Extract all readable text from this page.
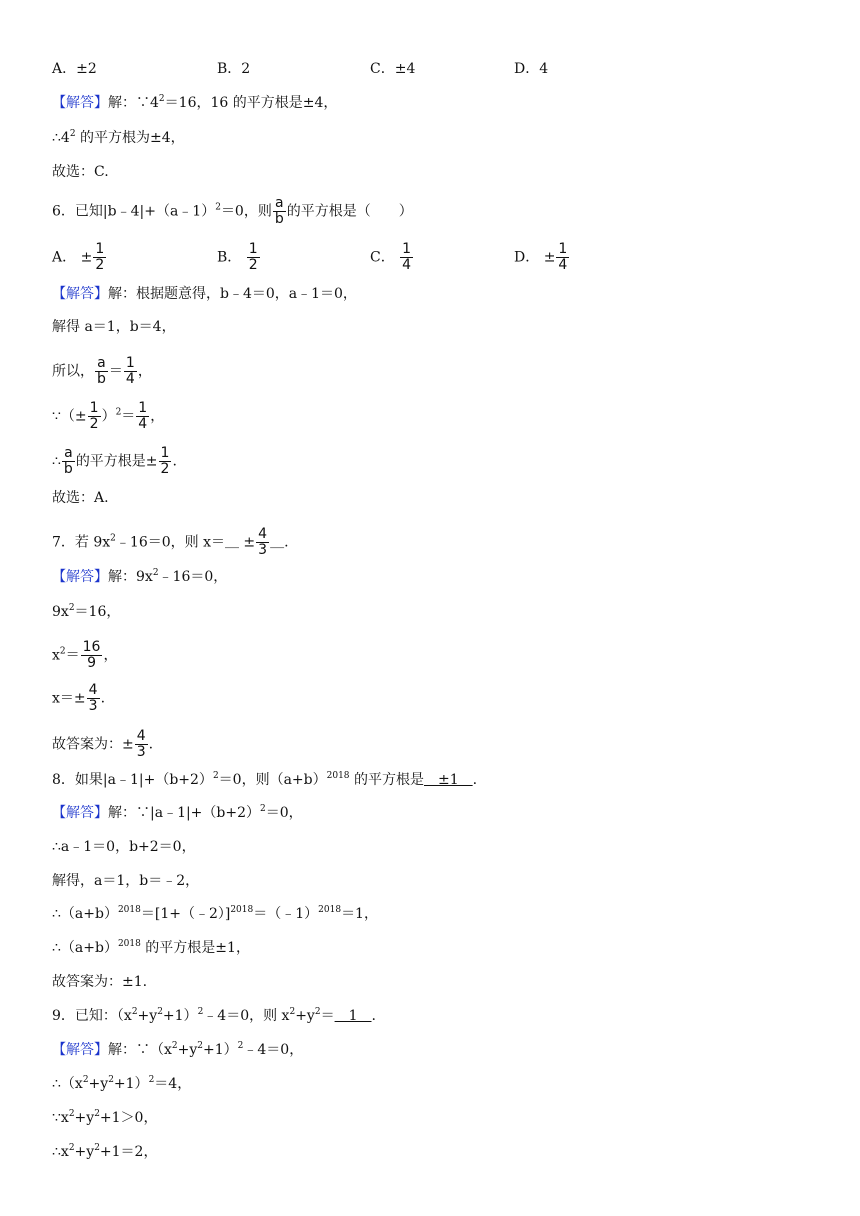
A．±2	B．2	C．±4	D．4
【解答】解：$\because 4^2=16$，16 的平方根是±4，
$\therefore 4^2$ 的平方根为±4，
故选：C.
6．已知|b﹣4|+（a﹣1）$^2$＝0，则 $\frac{a}{b}$ 的平方根是（　　）
A． ± $\frac{1}{2}$	B． $\frac{1}{2}$	C． $\frac{1}{4}$	D． ± $\frac{1}{4}$
【解答】解：根据题意得，b﹣4＝0，a﹣1＝0，
解得 a＝1，b＝4，
所以， $\frac{a}{b} = \frac{1}{4}$ ，
∵（± $\frac{1}{2} )^2= \frac{1}{4}$ ，
∴ $\frac{a}{b}$ 的平方根是± $\frac{1}{2}$ .
故选：A.
7．若 $9x^2﹣16=0$，则 x＝＿ ± $\frac{4}{3}$ ＿.
【解答】解：$9x^2﹣16=0$，
$9x^2=16$，
$x^2= \frac{16}{9}$ ，
$x=\pm \frac{4}{3}$ .
故答案为：± $\frac{4}{3}$ .
8．如果$|a﹣1|+(b+2)^2=0$，则$(a+b)^{2018}$ 的平方根是　±1　.
【解答】解：$\because|a﹣1|+(b+2)^2=0$，
∴a﹣1＝0，b+2＝0，
解得，a＝1，b＝﹣2，
$\therefore(a+b)^{2018}=[1+(﹣2)]^{2018}=(﹣1)^{2018}=1$，
$\therefore(a+b)^{2018}$ 的平方根是±1，
故答案为：±1.
9．已知：$(x^2+y^2+1)^2﹣4=0$，则 $x^2+y^2=$　1　.
【解答】解：$\because(x^2+y^2+1)^2﹣4=0$，
$\therefore(x^2+y^2+1)^2=4$，
$\because x^2+y^2+1>0$，
$\therefore x^2+y^2+1=2$，
